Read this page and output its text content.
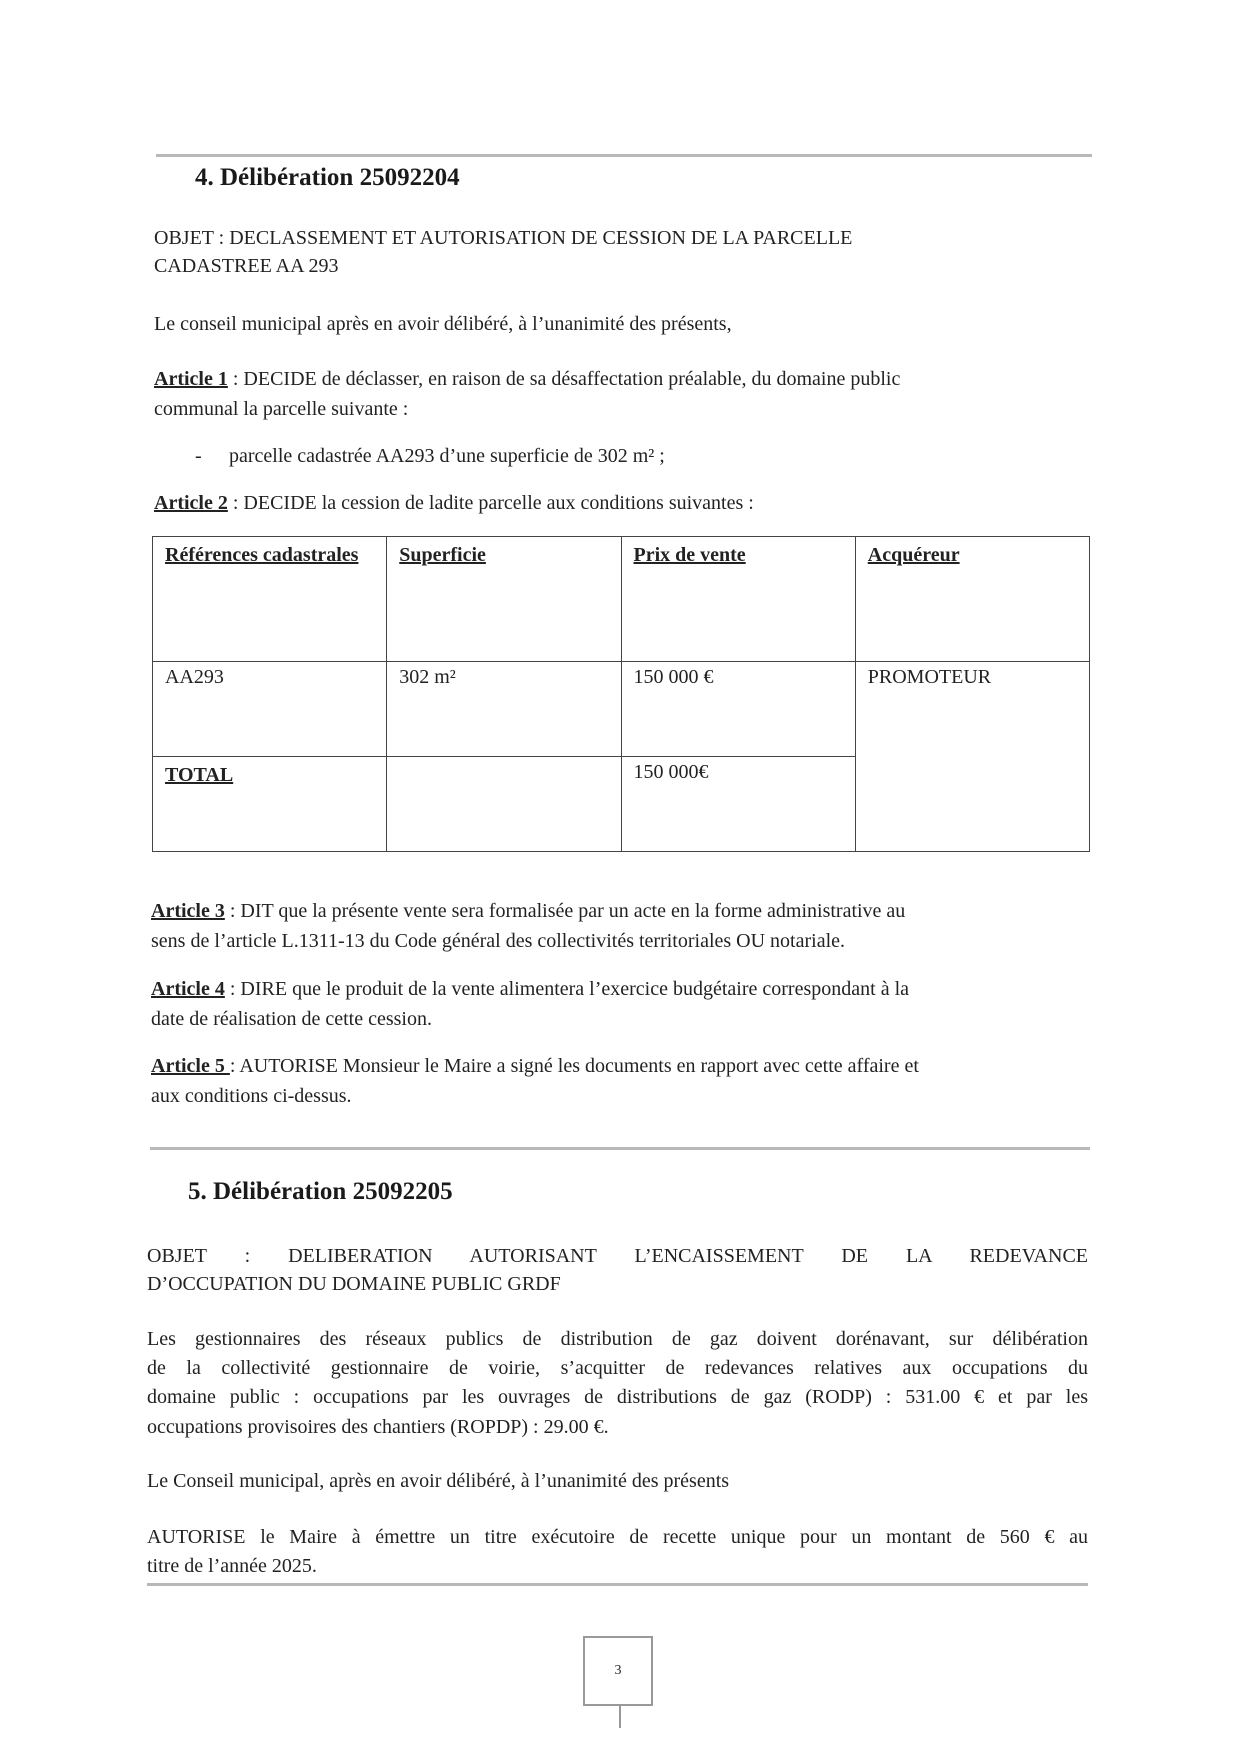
4. Délibération 25092204
OBJET : DECLASSEMENT ET AUTORISATION DE CESSION DE LA PARCELLE
CADASTREE AA 293
Le conseil municipal après en avoir délibéré, à l’unanimité des présents,
Article 1 : DECIDE de déclasser, en raison de sa désaffectation préalable, du domaine public
communal la parcelle suivante :
- parcelle cadastrée AA293 d’une superficie de 302 m² ;
Article 2 : DECIDE la cession de ladite parcelle aux conditions suivantes :
Références cadastrales	Superficie	Prix de vente	Acquéreur
AA293	302 m²	150 000 €	PROMOTEUR
TOTAL		150 000€	
Article 3 : DIT que la présente vente sera formalisée par un acte en la forme administrative au
sens de l’article L.1311-13 du Code général des collectivités territoriales OU notariale.
Article 4 : DIRE que le produit de la vente alimentera l’exercice budgétaire correspondant à la
date de réalisation de cette cession.
Article 5 : AUTORISE Monsieur le Maire a signé les documents en rapport avec cette affaire et
aux conditions ci-dessus.
5. Délibération 25092205
OBJET : DELIBERATION AUTORISANT L’ENCAISSEMENT DE LA REDEVANCE
D’OCCUPATION DU DOMAINE PUBLIC GRDF
Les gestionnaires des réseaux publics de distribution de gaz doivent dorénavant, sur délibération
de la collectivité gestionnaire de voirie, s’acquitter de redevances relatives aux occupations du
domaine public : occupations par les ouvrages de distributions de gaz (RODP) : 531.00 € et par les
occupations provisoires des chantiers (ROPDP) : 29.00 €.
Le Conseil municipal, après en avoir délibéré, à l’unanimité des présents
AUTORISE le Maire à émettre un titre exécutoire de recette unique pour un montant de 560 € au
titre de l’année 2025.
3
